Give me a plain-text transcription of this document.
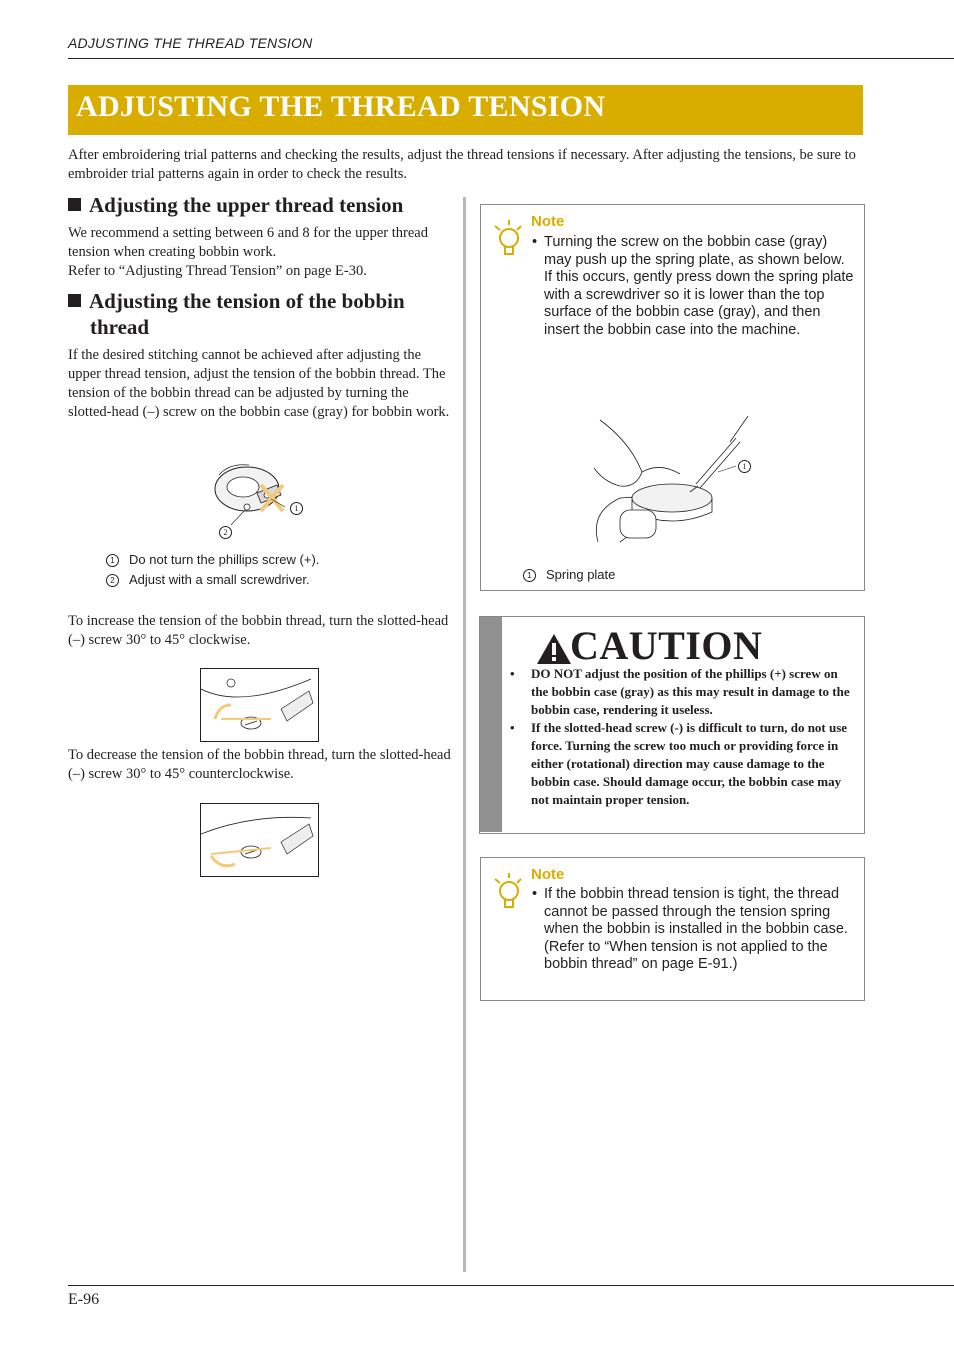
ADJUSTING THE THREAD TENSION
ADJUSTING THE THREAD TENSION
After embroidering trial patterns and checking the results, adjust the thread tensions if necessary. After adjusting the tensions, be sure to embroider trial patterns again in order to check the results.
Adjusting the upper thread tension
We recommend a setting between 6 and 8 for the upper thread tension when creating bobbin work.
Refer to “Adjusting Thread Tension” on page E-30.
Adjusting the tension of the bobbin thread
If the desired stitching cannot be achieved after adjusting the upper thread tension, adjust the tension of the bobbin thread. The tension of the bobbin thread can be adjusted by turning the slotted-head (–) screw on the bobbin case (gray) for bobbin work.
1
2
1 Do not turn the phillips screw (+).
2 Adjust with a small screwdriver.
To increase the tension of the bobbin thread, turn the slotted-head (–) screw 30° to 45° clockwise.
To decrease the tension of the bobbin thread, turn the slotted-head (–) screw 30° to 45° counterclockwise.
Note
• Turning the screw on the bobbin case (gray) may push up the spring plate, as shown below.
If this occurs, gently press down the spring plate with a screwdriver so it is lower than the top surface of the bobbin case (gray), and then insert the bobbin case into the machine.
1
1 Spring plate
CAUTION
• DO NOT adjust the position of the phillips (+) screw on the bobbin case (gray) as this may result in damage to the bobbin case, rendering it useless.
• If the slotted-head screw (-) is difficult to turn, do not use force. Turning the screw too much or providing force in either (rotational) direction may cause damage to the bobbin case. Should damage occur, the bobbin case may not maintain proper tension.
Note
• If the bobbin thread tension is tight, the thread cannot be passed through the tension spring when the bobbin is installed in the bobbin case. (Refer to “When tension is not applied to the bobbin thread” on page E-91.)
E-96
